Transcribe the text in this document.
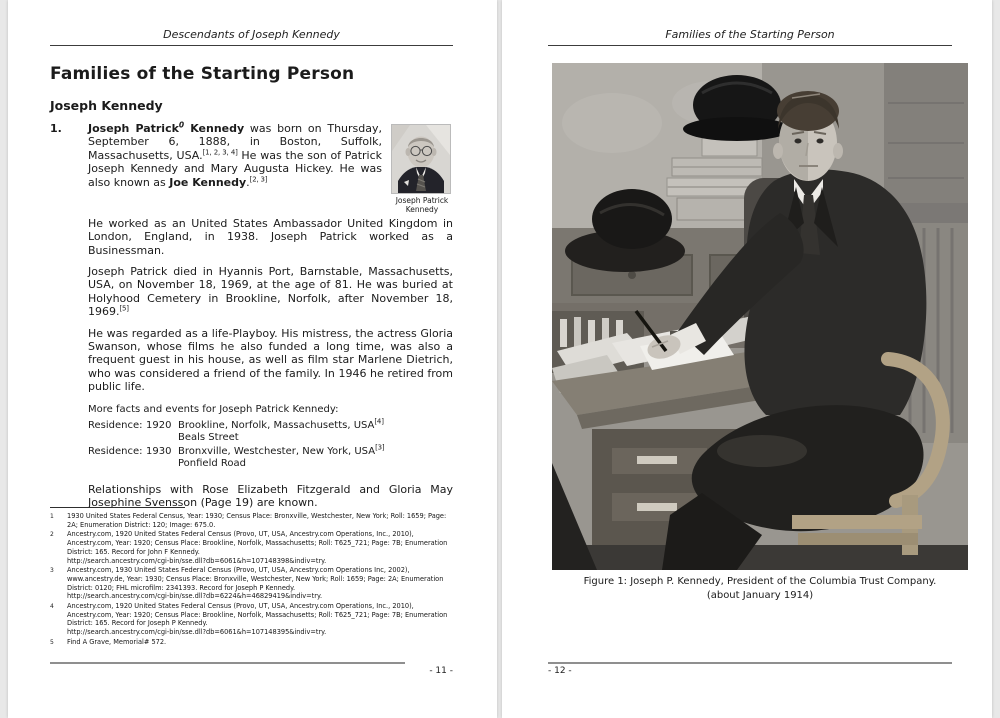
Descendants of Joseph Kennedy
Families of the Starting Person
Joseph Kennedy
1.
Joseph Patrick Kennedy

Joseph Patrick$^0$ Kennedy was born on Thursday, September 6, 1888, in Boston, Suffolk, Massachusetts, USA.[1, 2, 3, 4] He was the son of Patrick Joseph Kennedy and Mary Augusta Hickey. He was also known as Joe Kennedy.[2, 3]

He worked as an United States Ambassador United Kingdom in London, England, in 1938. Joseph Patrick worked as a Businessman.

Joseph Patrick died in Hyannis Port, Barnstable, Massachusetts, USA, on November 18, 1969, at the age of 81. He was buried at Holyhood Cemetery in Brookline, Norfolk, after November 18, 1969.[5]

He was regarded as a life-Playboy. His mistress, the actress Gloria Swanson, whose films he also funded a long time, was also a frequent guest in his house, as well as film star Marlene Dietrich, who was considered a friend of the family. In 1946 he retired from public life.

More facts and events for Joseph Patrick Kennedy:
Residence: 1920 Brookline, Norfolk, Massachusetts, USA[4]
Beals Street
Residence: 1930 Bronxville, Westchester, New York, USA[3]
Ponfield Road

Relationships with Rose Elizabeth Fitzgerald and Gloria May Josephine Svensson (Page 19) are known.

1	1930 United States Federal Census, Year: 1930; Census Place: Bronxville, Westchester, New York; Roll: 1659; Page: 2A; Enumeration District: 120; Image: 675.0.
2	Ancestry.com, 1920 United States Federal Census (Provo, UT, USA, Ancestry.com Operations, Inc., 2010), Ancestry.com, Year: 1920; Census Place: Brookline, Norfolk, Massachusetts; Roll: T625_721; Page: 7B; Enumeration District: 165. Record for John F Kennedy.
http://search.ancestry.com/cgi-bin/sse.dll?db=6061&h=107148398&indiv=try.
3	Ancestry.com, 1930 United States Federal Census (Provo, UT, USA, Ancestry.com Operations Inc, 2002), www.ancestry.de, Year: 1930; Census Place: Bronxville, Westchester, New York; Roll: 1659; Page: 2A; Enumeration District: 0120; FHL microfilm: 2341393. Record for Joseph P Kennedy.
http://search.ancestry.com/cgi-bin/sse.dll?db=6224&h=46829419&indiv=try.
4	Ancestry.com, 1920 United States Federal Census (Provo, UT, USA, Ancestry.com Operations, Inc., 2010), Ancestry.com, Year: 1920; Census Place: Brookline, Norfolk, Massachusetts; Roll: T625_721; Page: 7B; Enumeration District: 165. Record for Joseph P Kennedy.
http://search.ancestry.com/cgi-bin/sse.dll?db=6061&h=107148395&indiv=try.
5	Find A Grave, Memorial# 572.
- 11 -
Families of the Starting Person
Figure 1: Joseph P. Kennedy, President of the Columbia Trust Company.
(about January 1914)
- 12 -
